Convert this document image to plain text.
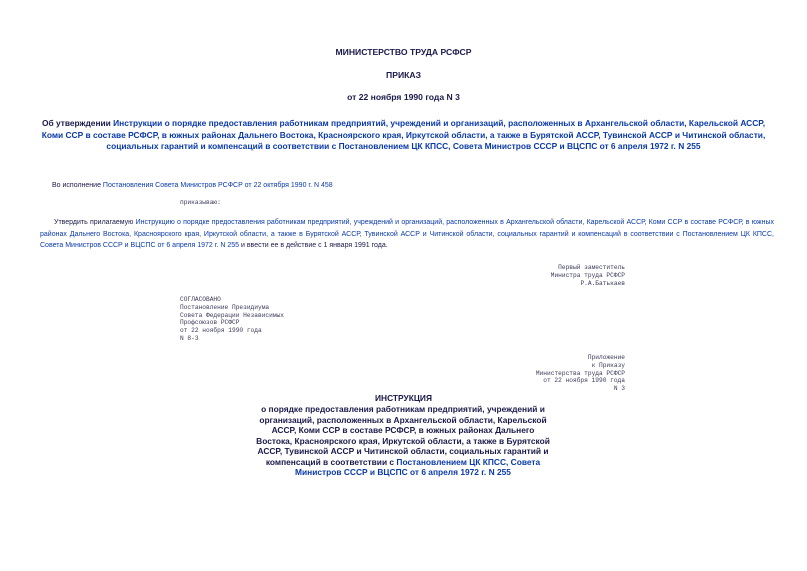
МИНИСТЕРСТВО ТРУДА РСФСР
ПРИКАЗ
от 22 ноября 1990 года N 3
Об утверждении Инструкции о порядке предоставления работникам предприятий, учреждений и организаций, расположенных в Архангельской области, Карельской АССР, Коми ССР в составе РСФСР, в южных районах Дальнего Востока, Красноярского края, Иркутской области, а также в Бурятской АССР, Тувинской АССР и Читинской области, социальных гарантий и компенсаций в соответствии с Постановлением ЦК КПСС, Совета Министров СССР и ВЦСПС от 6 апреля 1972 г. N 255
Во исполнение Постановления Совета Министров РСФСР от 22 октября 1990 г. N 458
приказываю:
Утвердить прилагаемую Инструкцию о порядке предоставления работникам предприятий, учреждений и организаций, расположенных в Архангельской области, Карельской АССР, Коми ССР в составе РСФСР, в южных районах Дальнего Востока, Красноярского края, Иркутской области, а также в Бурятской АССР, Тувинской АССР и Читинской области, социальных гарантий и компенсаций в соответствии с Постановлением ЦК КПСС, Совета Министров СССР и ВЦСПС от 6 апреля 1972 г. N 255 и ввести ее в действие с 1 января 1991 года.
Первый заместитель
Министра труда РСФСР
Р.А.Батькаев
СОГЛАСОВАНО
Постановление Президиума
Совета Федерации Независимых
Профсоюзов РСФСР
от 22 ноября 1990 года
N 8-3
Приложение
к Приказу
Министерства труда РСФСР
от 22 ноября 1990 года
N 3
ИНСТРУКЦИЯ
о порядке предоставления работникам предприятий, учреждений и организаций, расположенных в Архангельской области, Карельской АССР, Коми ССР в составе РСФСР, в южных районах Дальнего Востока, Красноярского края, Иркутской области, а также в Бурятской АССР, Тувинской АССР и Читинской области, социальных гарантий и компенсаций в соответствии с Постановлением ЦК КПСС, Совета Министров СССР и ВЦСПС от 6 апреля 1972 г. N 255
